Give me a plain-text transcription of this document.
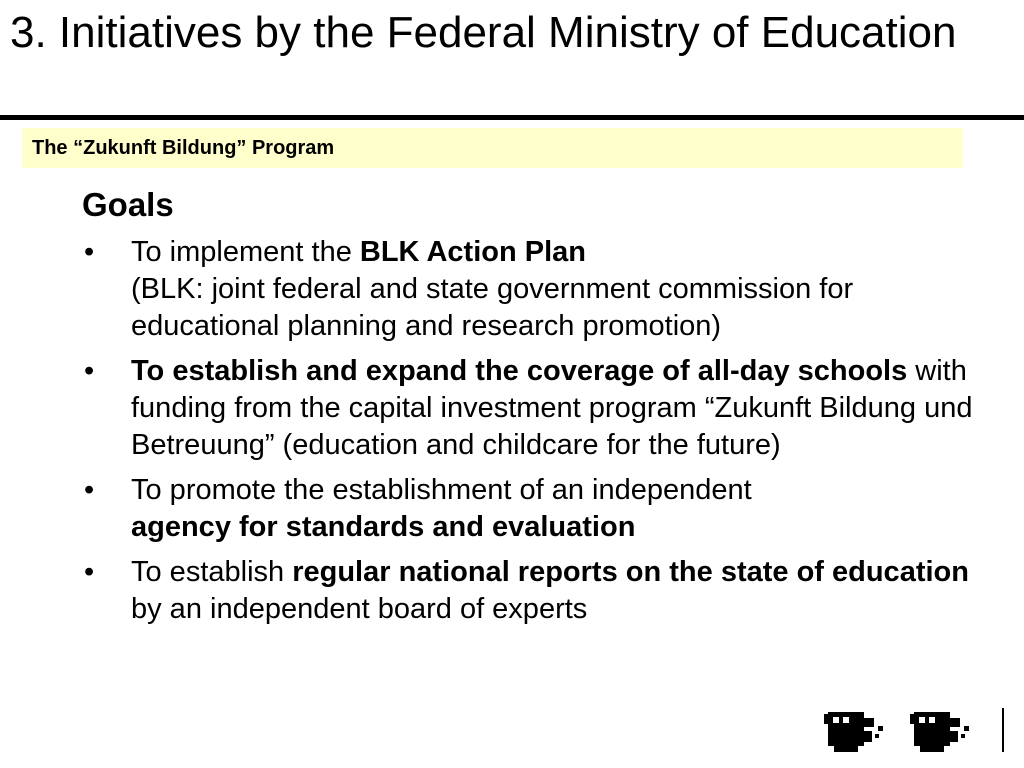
3. Initiatives by the Federal Ministry of Education
The “Zukunft Bildung” Program
Goals
•	To implement the BLK Action Plan
(BLK: joint federal and state government commission for educational planning and research promotion)
•	To establish and expand the coverage of all-day schools with funding from the capital investment program “Zukunft Bildung und Betreuung” (education and childcare for the future)
•	To promote the establishment of an independent
agency for standards and evaluation
•	To establish regular national reports on the state of education by an independent board of experts
